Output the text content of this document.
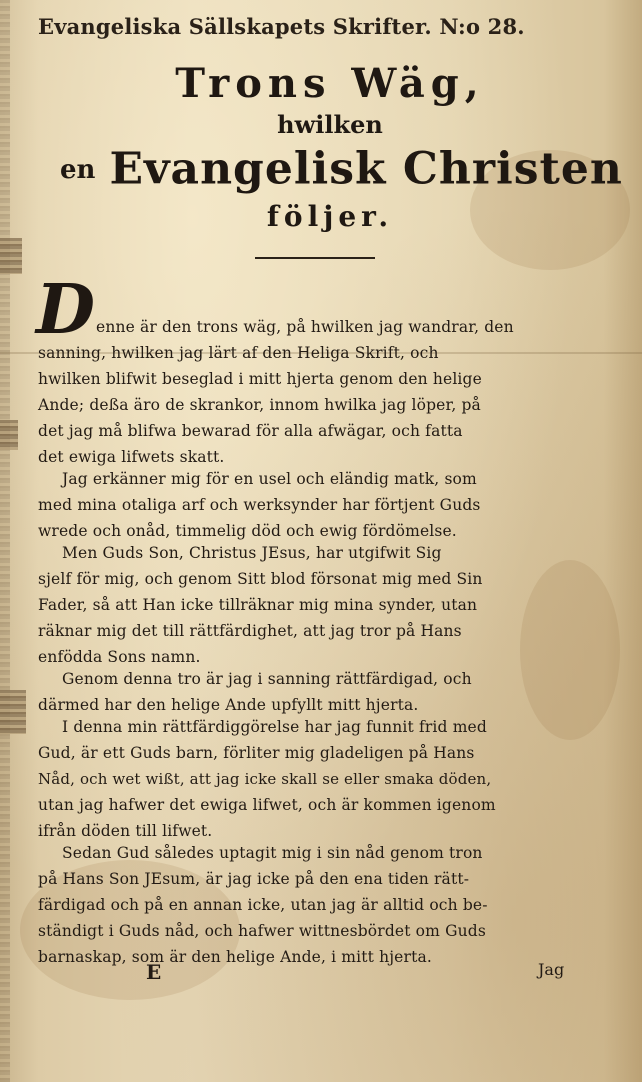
Evangeliska Sällskapets Skrifter. N:o 28.
Trons Wäg,
hwilken
en Evangelisk Christen
följer.
D enne är den trons wäg, på hwilken jag wandrar, den
sanning, hwilken jag lärt af den Heliga Skrift, och
hwilken blifwit beseglad i mitt hjerta genom den helige
Ande; deßa äro de skrankor, innom hwilka jag löper, på
det jag må blifwa bewarad för alla afwägar, och fatta
det ewiga lifwets skatt.
Jag erkänner mig för en usel och eländig matk, som
med mina otaliga arf och werksynder har förtjent Guds
wrede och onåd, timmelig död och ewig fördömelse.
Men Guds Son, Christus JEsus, har utgifwit Sig
sjelf för mig, och genom Sitt blod försonat mig med Sin
Fader, så att Han icke tillräknar mig mina synder, utan
räknar mig det till rättfärdighet, att jag tror på Hans
enfödda Sons namn.
Genom denna tro är jag i sanning rättfärdigad, och
därmed har den helige Ande upfyllt mitt hjerta.
I denna min rättfärdiggörelse har jag funnit frid med
Gud, är ett Guds barn, förliter mig gladeligen på Hans
Nåd, och wet wißt, att jag icke skall se eller smaka döden,
utan jag hafwer det ewiga lifwet, och är kommen igenom
ifrån döden till lifwet.
Sedan Gud således uptagit mig i sin nåd genom tron
på Hans Son JEsum, är jag icke på den ena tiden rätt-
färdigad och på en annan icke, utan jag är alltid och be-
ständigt i Guds nåd, och hafwer wittnesbördet om Guds
barnaskap, som är den helige Ande, i mitt hjerta.
E	Jag
